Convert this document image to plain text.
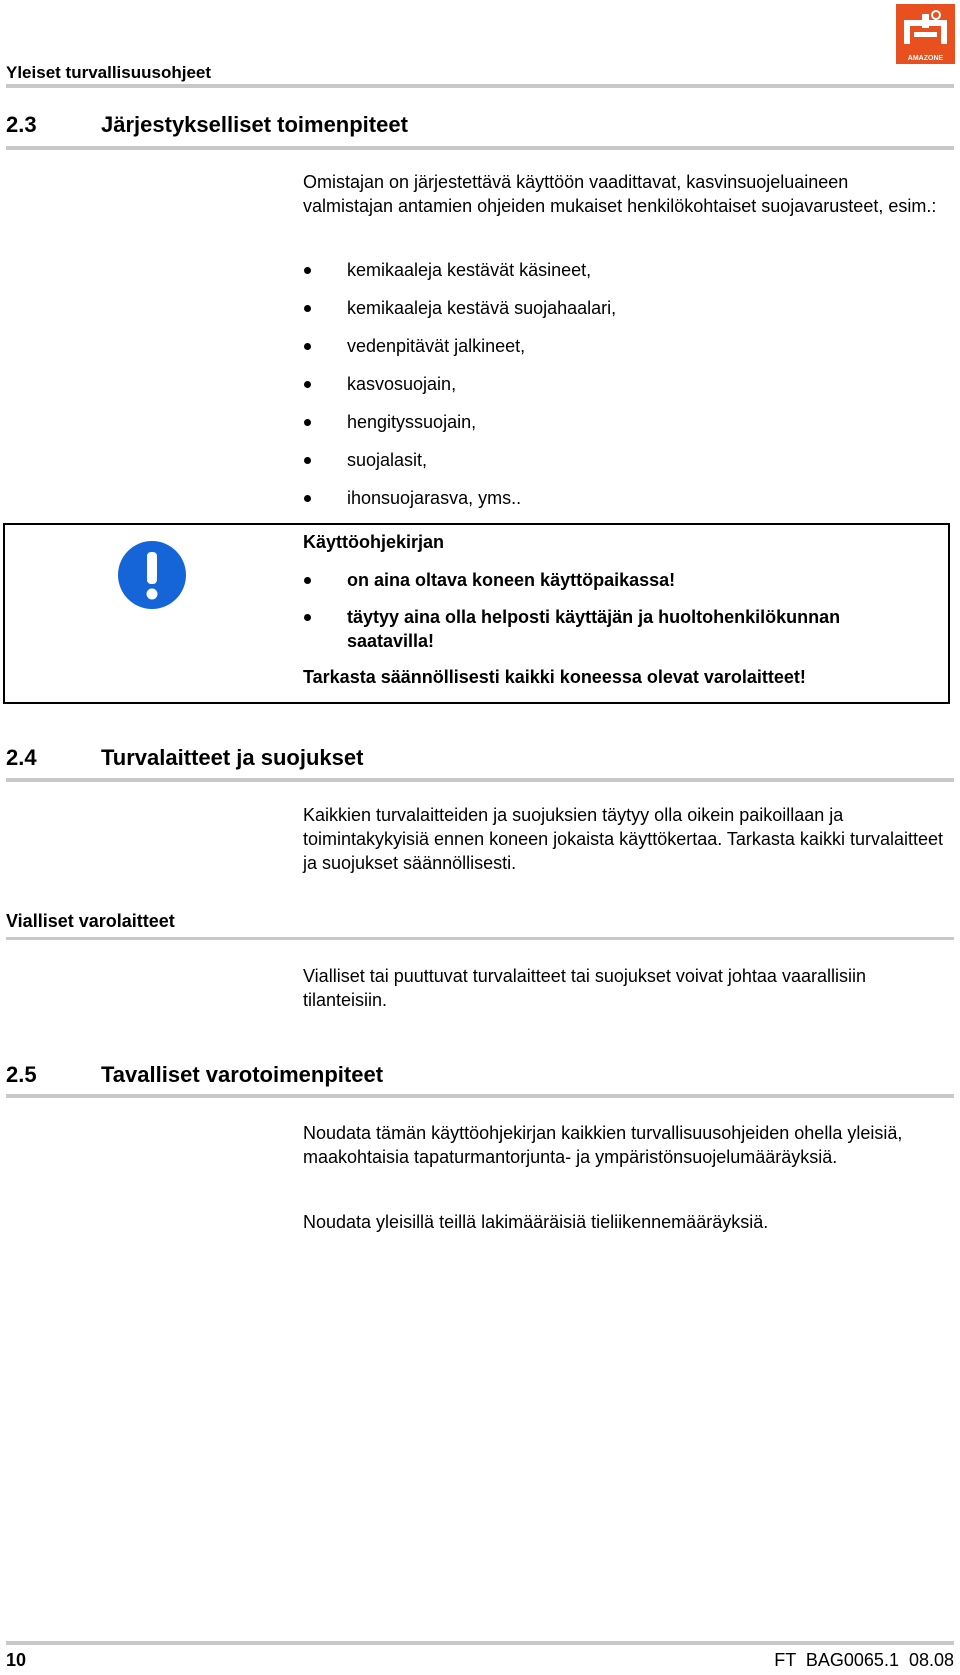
Yleiset turvallisuusohjeet
AMAZONE
2.3	Järjestykselliset toimenpiteet
Omistajan on järjestettävä käyttöön vaadittavat, kasvinsuojeluaineen valmistajan antamien ohjeiden mukaiset henkilökohtaiset suojavarusteet, esim.:
kemikaaleja kestävät käsineet,
kemikaaleja kestävä suojahaalari,
vedenpitävät jalkineet,
kasvosuojain,
hengityssuojain,
suojalasit,
ihonsuojarasva, yms..
Käyttöohjekirjan
on aina oltava koneen käyttöpaikassa!
täytyy aina olla helposti käyttäjän ja huoltohenkilökunnan saatavilla!
Tarkasta säännöllisesti kaikki koneessa olevat varolaitteet!
2.4	Turvalaitteet ja suojukset
Kaikkien turvalaitteiden ja suojuksien täytyy olla oikein paikoillaan ja toimintakykyisiä ennen koneen jokaista käyttökertaa. Tarkasta kaikki turvalaitteet ja suojukset säännöllisesti.
Vialliset varolaitteet
Vialliset tai puuttuvat turvalaitteet tai suojukset voivat johtaa vaarallisiin tilanteisiin.
2.5	Tavalliset varotoimenpiteet
Noudata tämän käyttöohjekirjan kaikkien turvallisuusohjeiden ohella yleisiä, maakohtaisia tapaturmantorjunta- ja ympäristönsuojelumääräyksiä.
Noudata yleisillä teillä lakimääräisiä tieliikennemääräyksiä.
10	FT  BAG0065.1  08.08
